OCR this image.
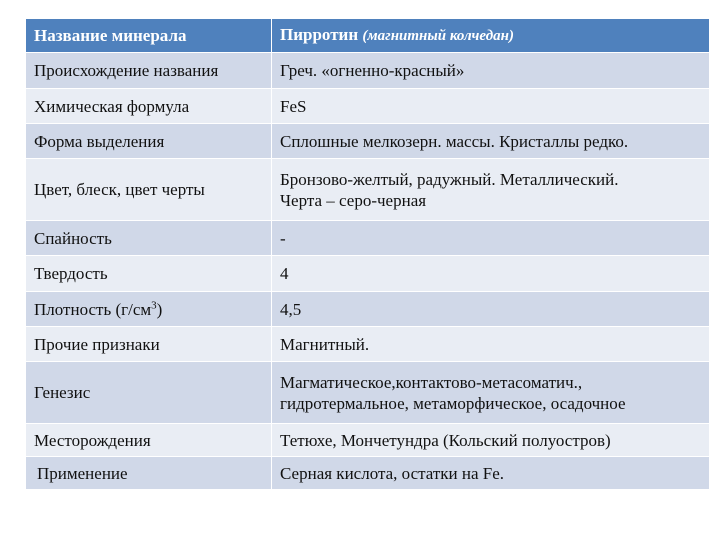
Название минерала	Пирротин (магнитный колчедан)
Происхождение названия	Греч. «огненно-красный»
Химическая формула	FeS
Форма выделения	Сплошные мелкозерн. массы. Кристаллы редко.
Цвет, блеск, цвет черты	Бронзово-желтый, радужный. Металлический.
Черта – серо-черная
Спайность	-
Твердость	4
Плотность $(г/см^3)$	4,5
Прочие признаки	Магнитный.
Генезис	Магматическое,контактово-метасоматич.,
гидротермальное, метаморфическое, осадочное
Месторождения	Тетюхе, Мончетундра (Кольский полуостров)
Применение	Серная кислота, остатки на Fe.
